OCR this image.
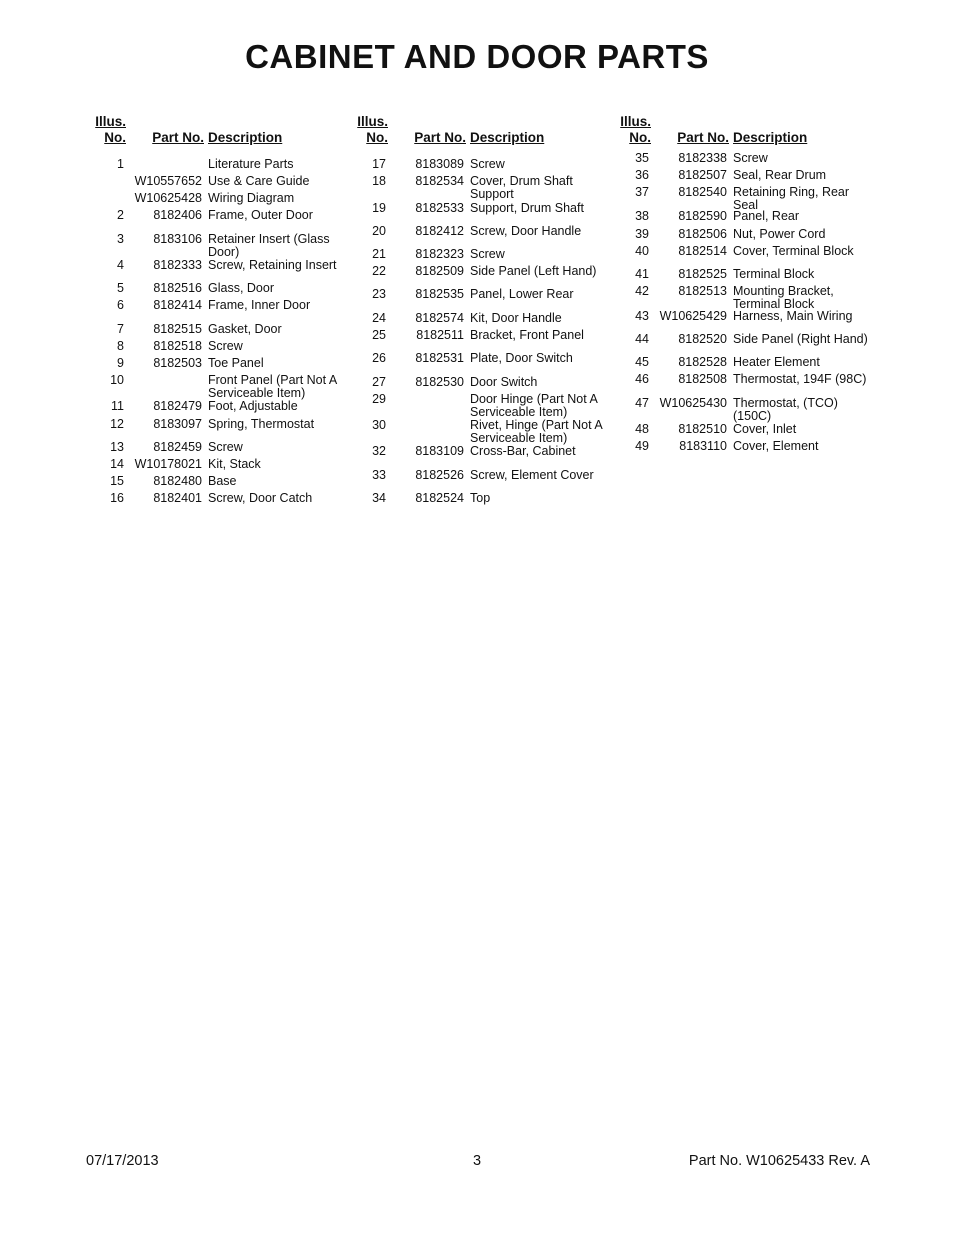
CABINET AND DOOR PARTS
Illus.
No.	Part No. Description
1	Literature Parts
W10557652 Use & Care Guide
W10625428 Wiring Diagram
2	8182406 Frame, Outer Door
3	8183106 Retainer Insert (Glass Door)
4	8182333 Screw, Retaining Insert
5	8182516 Glass, Door
6	8182414 Frame, Inner Door
7	8182515 Gasket, Door
8	8182518 Screw
9	8182503 Toe Panel
10	Front Panel (Part Not A Serviceable Item)
11	8182479 Foot, Adjustable
12	8183097 Spring, Thermostat
13	8182459 Screw
14 W10178021 Kit, Stack
15	8182480 Base
16	8182401 Screw, Door Catch
Illus.
No.	Part No. Description
17	8183089 Screw
18	8182534 Cover, Drum Shaft Support
19	8182533 Support, Drum Shaft
20	8182412 Screw, Door Handle
21	8182323 Screw
22	8182509 Side Panel (Left Hand)
23	8182535 Panel, Lower Rear
24	8182574 Kit, Door Handle
25	8182511 Bracket, Front Panel
26	8182531 Plate, Door Switch
27	8182530 Door Switch
29	Door Hinge (Part Not A Serviceable Item)
30	Rivet, Hinge (Part Not A Serviceable Item)
32	8183109 Cross-Bar, Cabinet
33	8182526 Screw, Element Cover
34	8182524 Top
Illus.
No.	Part No. Description
35	8182338 Screw
36	8182507 Seal, Rear Drum
37	8182540 Retaining Ring, Rear Seal
38	8182590 Panel, Rear
39	8182506 Nut, Power Cord
40	8182514 Cover, Terminal Block
41	8182525 Terminal Block
42	8182513 Mounting Bracket, Terminal Block
43 W10625429 Harness, Main Wiring
44	8182520 Side Panel (Right Hand)
45	8182528 Heater Element
46	8182508 Thermostat, 194F (98C)
47 W10625430 Thermostat, (TCO) (150C)
48	8182510 Cover, Inlet
49	8183110 Cover, Element
07/17/2013	3	Part No. W10625433 Rev. A
